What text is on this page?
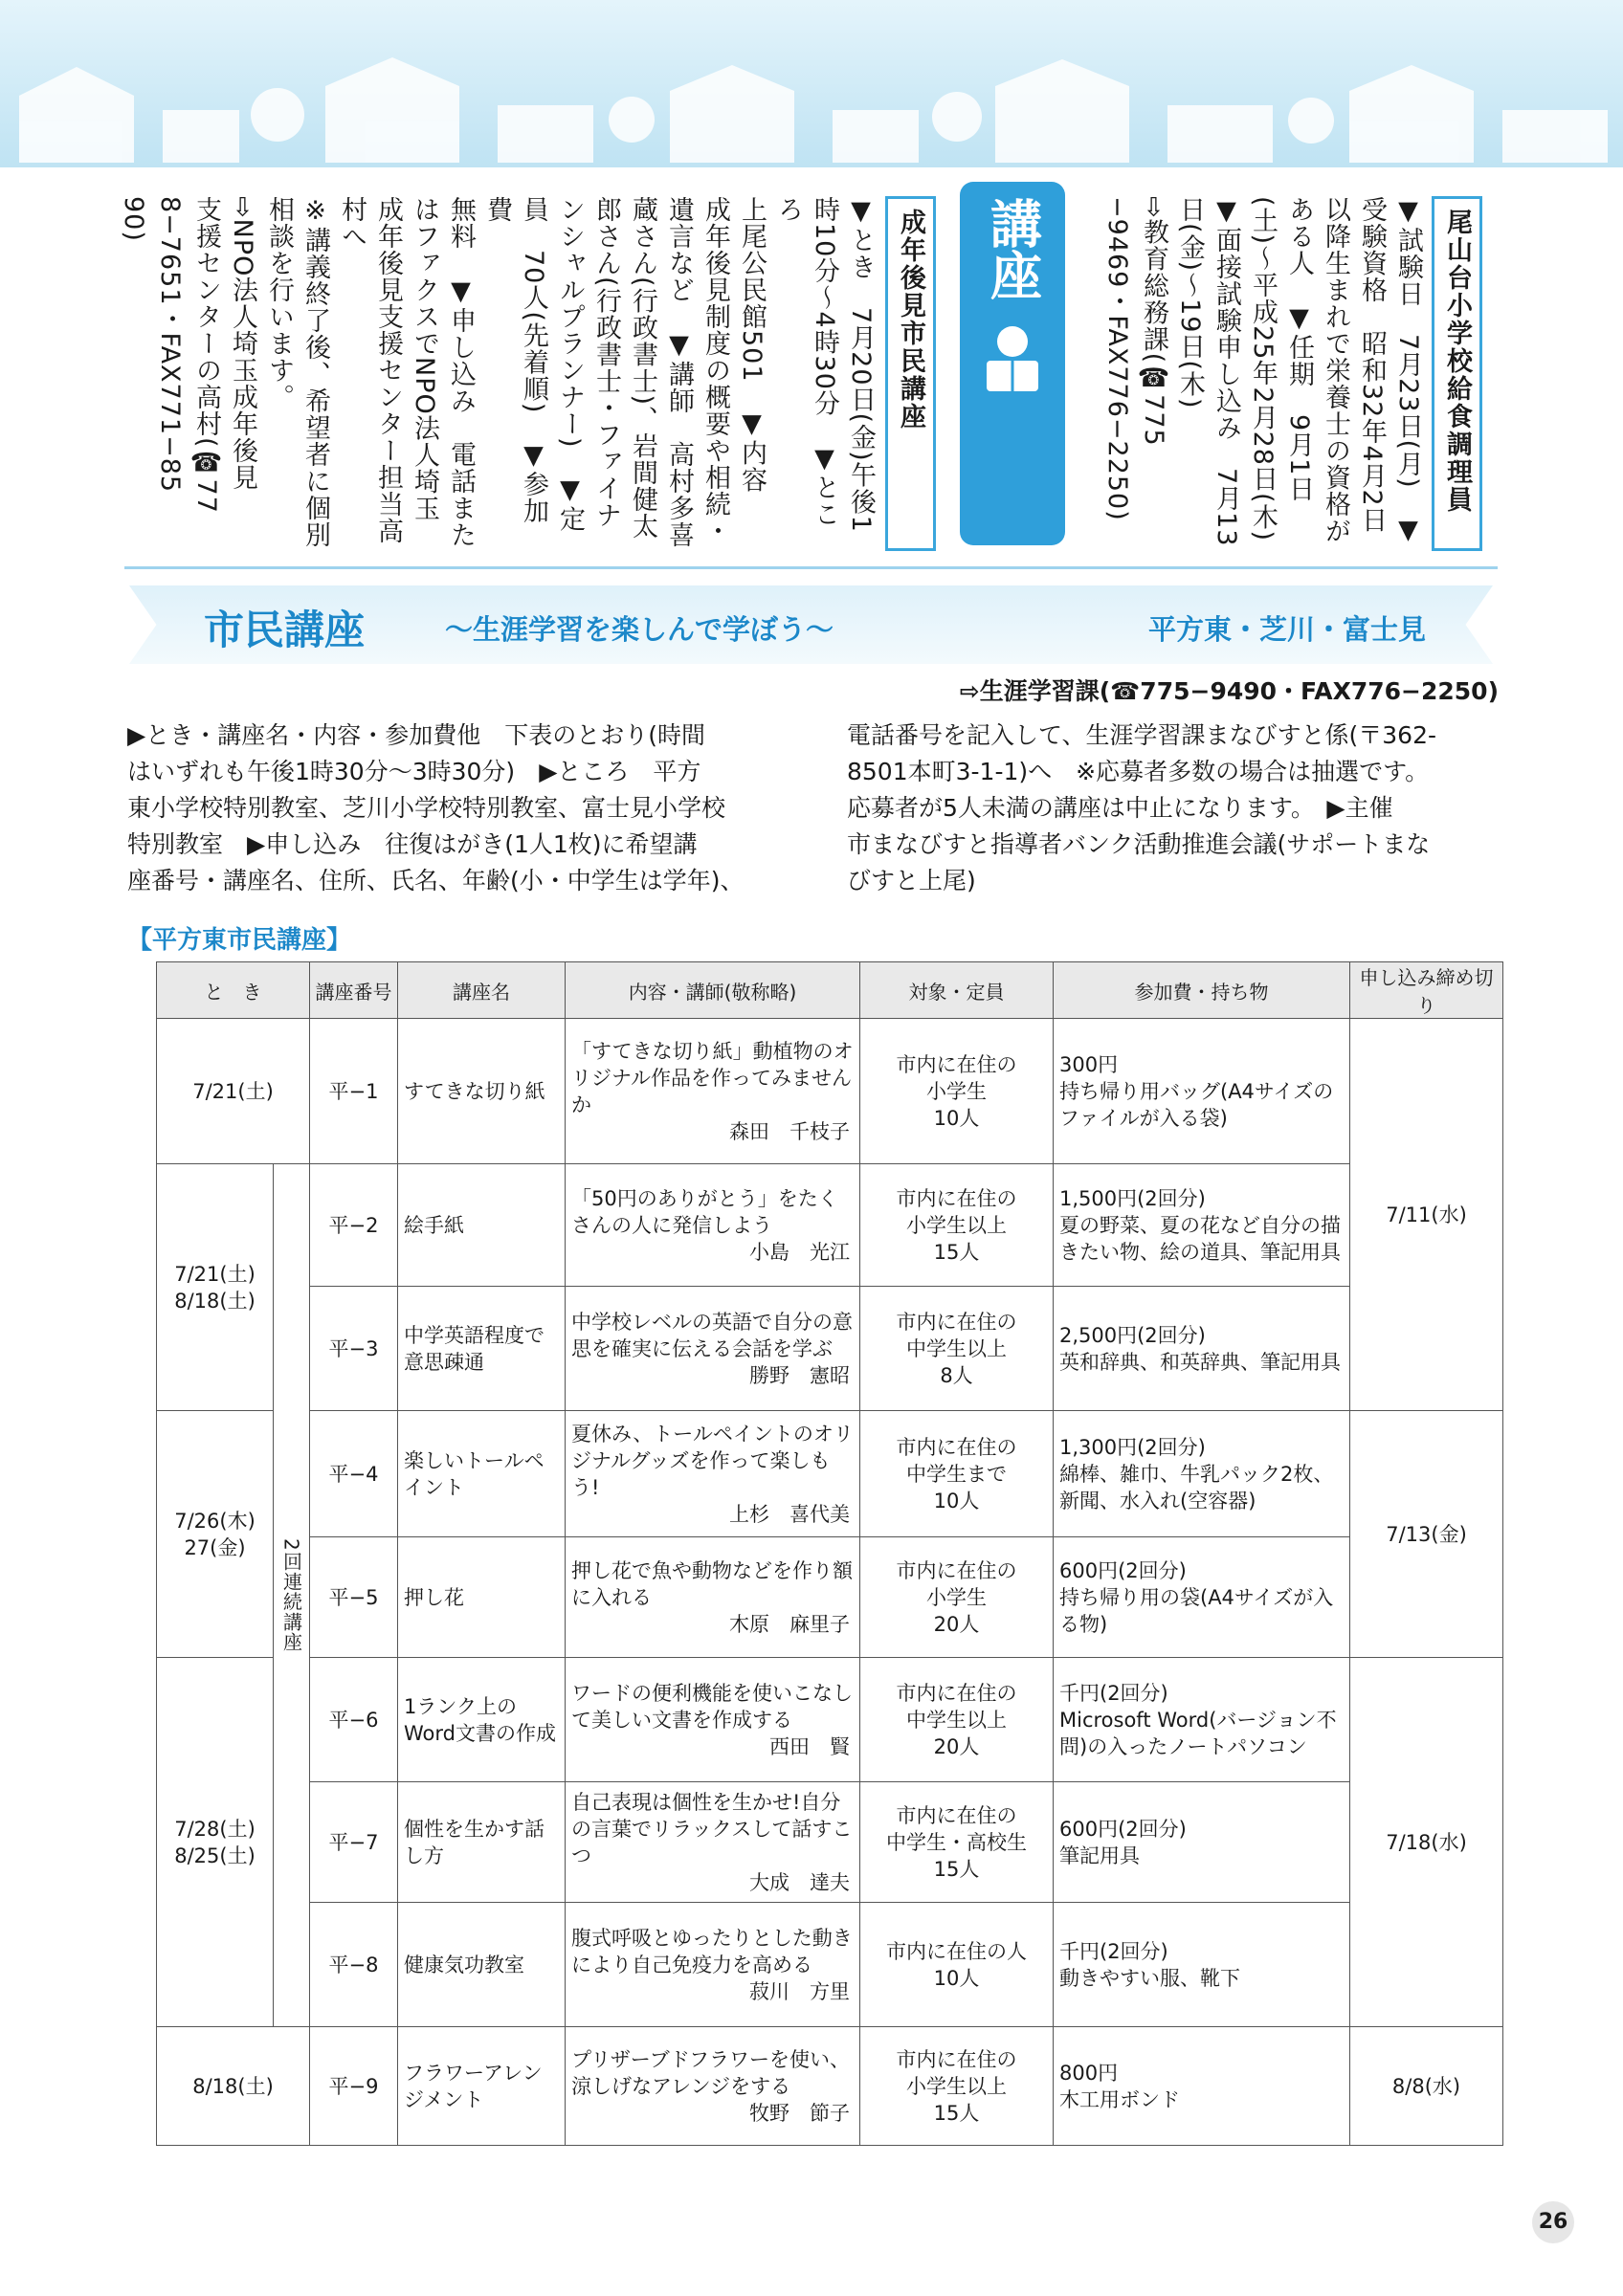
尾山台小学校給食調理員
▼試験日　7月23日(月)　▼
受験資格　昭和32年4月2日
以降生まれで栄養士の資格が
ある人　▼任期　9月1日
(土)～平成25年2月28日(木)
▼面接試験申し込み　7月13
日(金)～19日(木)
⇨教育総務課(☎775
−9469・FAX776−2250)
講座
成年後見市民講座
▼とき　7月20日(金)午後1
時10分～4時30分　▼ところ
上尾公民館501　▼内容
成年後見制度の概要や相続・
遺言など　▼講師　高村多喜
蔵さん(行政書士)、岩間健太
郎さん(行政書士・ファイナ
ンシャルプランナー)　▼定
員　70人(先着順)　▼参加費
無料　▼申し込み　電話また
はファクスでNPO法人埼玉
成年後見支援センター担当高
村へ
※講義終了後、希望者に個別
相談を行います。
⇨NPO法人埼玉成年後見
支援センターの高村(☎77
8−7651・FAX771−85
90)
市民講座	～生涯学習を楽しんで学ぼう～	平方東・芝川・富士見
⇨生涯学習課(☎775−9490・FAX776−2250)
▶とき・講座名・内容・参加費他　下表のとおり(時間
はいずれも午後1時30分～3時30分)　▶ところ　平方
東小学校特別教室、芝川小学校特別教室、富士見小学校
特別教室　▶申し込み　往復はがき(1人1枚)に希望講
座番号・講座名、住所、氏名、年齢(小・中学生は学年)、
電話番号を記入して、生涯学習課まなびすと係(〒362-
8501本町3-1-1)へ　※応募者多数の場合は抽選です。
応募者が5人未満の講座は中止になります。　▶主催
市まなびすと指導者バンク活動推進会議(サポートまな
びすと上尾)
【平方東市民講座】
と　き		講座番号	講座名	内容・講師(敬称略)	対象・定員	参加費・持ち物	申し込み締め切り
7/21(土)		平−1	すてきな切り紙	「すてきな切り紙」動植物のオリジナル作品を作ってみませんか
森田　千枝子	市内に在住の
小学生
10人	300円
持ち帰り用バッグ(A4サイズのファイルが入る袋)	7/11(水)
7/21(土)
8/18(土)	2回連続講座	平−2	絵手紙	「50円のありがとう」をたくさんの人に発信しよう
小島　光江	市内に在住の
小学生以上
15人	1,500円(2回分)
夏の野菜、夏の花など自分の描きたい物、絵の道具、筆記用具	
		平−3	中学英語程度で意思疎通	中学校レベルの英語で自分の意思を確実に伝える会話を学ぶ
勝野　憲昭	市内に在住の
中学生以上
8人	2,500円(2回分)
英和辞典、和英辞典、筆記用具	
7/26(木)
27(金)		平−4	楽しいトールペイント	夏休み、トールペイントのオリジナルグッズを作って楽しもう!
上杉　喜代美	市内に在住の
中学生まで
10人	1,300円(2回分)
綿棒、雑巾、牛乳パック2枚、新聞、水入れ(空容器)	7/13(金)
		平−5	押し花	押し花で魚や動物などを作り額に入れる
木原　麻里子	市内に在住の
小学生
20人	600円(2回分)
持ち帰り用の袋(A4サイズが入る物)	
7/28(土)
8/25(土)		平−6	1ランク上のWord文書の作成	ワードの便利機能を使いこなして美しい文書を作成する
西田　賢	市内に在住の
中学生以上
20人	千円(2回分)
Microsoft Word(バージョン不問)の入ったノートパソコン	7/18(水)
		平−7	個性を生かす話し方	自己表現は個性を生かせ!自分の言葉でリラックスして話すこつ
大成　達夫	市内に在住の
中学生・高校生
15人	600円(2回分)
筆記用具	
		平−8	健康気功教室	腹式呼吸とゆったりとした動きにより自己免疫力を高める
菽川　方里	市内に在住の人
10人	千円(2回分)
動きやすい服、靴下	
8/18(土)		平−9	フラワーアレンジメント	プリザーブドフラワーを使い、涼しげなアレンジをする
牧野　節子	市内に在住の
小学生以上
15人	800円
木工用ボンド	8/8(水)
26
